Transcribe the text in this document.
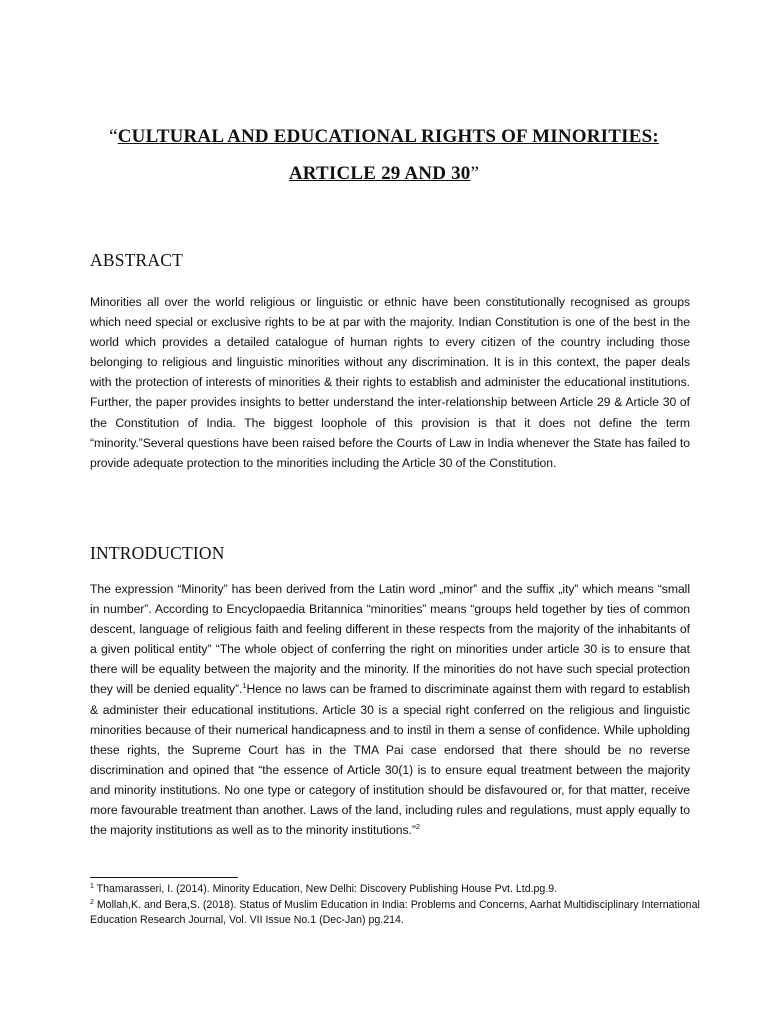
“CULTURAL AND EDUCATIONAL RIGHTS OF MINORITIES:
ARTICLE 29 AND 30”
ABSTRACT
Minorities all over the world religious or linguistic or ethnic have been constitutionally recognised as groups which need special or exclusive rights to be at par with the majority. Indian Constitution is one of the best in the world which provides a detailed catalogue of human rights to every citizen of the country including those belonging to religious and linguistic minorities without any discrimination. It is in this context, the paper deals with the protection of interests of minorities & their rights to establish and administer the educational institutions. Further, the paper provides insights to better understand the inter-relationship between Article 29 & Article 30 of the Constitution of India. The biggest loophole of this provision is that it does not define the term “minority.”Several questions have been raised before the Courts of Law in India whenever the State has failed to provide adequate protection to the minorities including the Article 30 of the Constitution.
INTRODUCTION
The expression “Minority” has been derived from the Latin word „minor‟ and the suffix „ity‟ which means “small in number”. According to Encyclopaedia Britannica “minorities” means “groups held together by ties of common descent, language of religious faith and feeling different in these respects from the majority of the inhabitants of a given political entity” “The whole object of conferring the right on minorities under article 30 is to ensure that there will be equality between the majority and the minority. If the minorities do not have such special protection they will be denied equality”.$^1$Hence no laws can be framed to discriminate against them with regard to establish & administer their educational institutions. Article 30 is a special right conferred on the religious and linguistic minorities because of their numerical handicapness and to instil in them a sense of confidence. While upholding these rights, the Supreme Court has in the TMA Pai case endorsed that there should be no reverse discrimination and opined that “the essence of Article 30(1) is to ensure equal treatment between the majority and minority institutions. No one type or category of institution should be disfavoured or, for that matter, receive more favourable treatment than another. Laws of the land, including rules and regulations, must apply equally to the majority institutions as well as to the minority institutions.”$^2$
$^1$ Thamarasseri, I. (2014). Minority Education, New Delhi: Discovery Publishing House Pvt. Ltd.pg.9.
$^2$ Mollah,K. and Bera,S. (2018). Status of Muslim Education in India: Problems and Concerns, Aarhat Multidisciplinary International Education Research Journal, Vol. VII Issue No.1 (Dec-Jan) pg.214.
